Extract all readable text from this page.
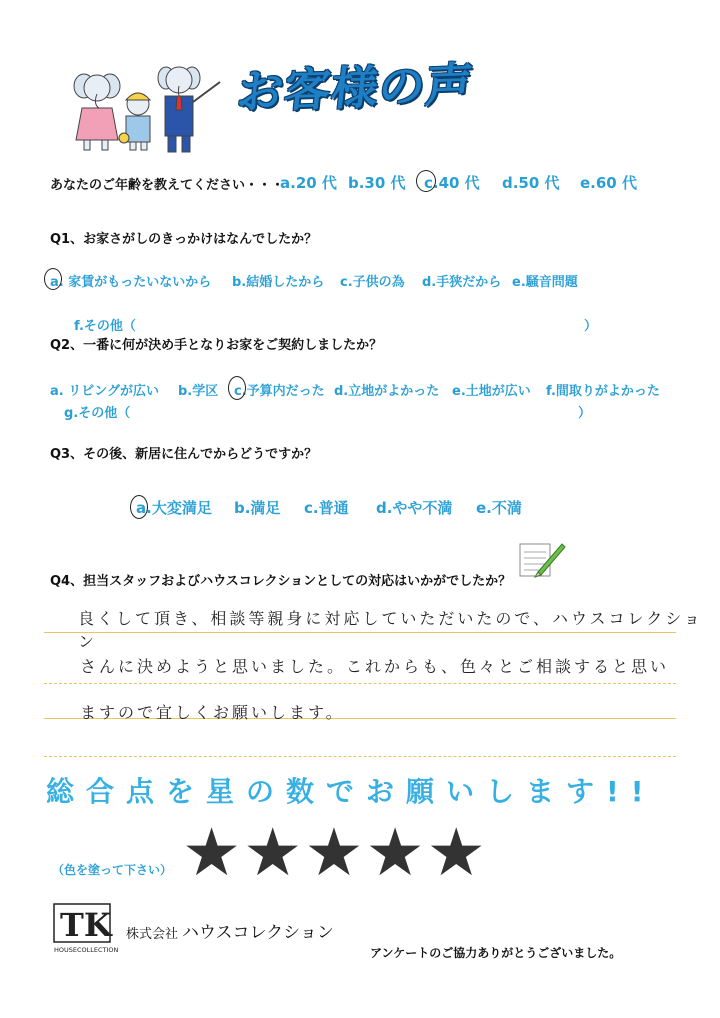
お客様の声
あなたのご年齢を教えてください・・・
a.20 代 b.30 代 c.40 代 d.50 代 e.60 代
Q1、お家さがしのきっかけはなんでしたか？
a. 家賃がもったいないから b.結婚したから c.子供の為 d.手狭だから e.騒音問題
f.その他（	）
Q2、一番に何が決め手となりお家をご契約しましたか？
a. リビングが広い b.学区 c.予算内だった d.立地がよかった e.土地が広い f.間取りがよかった
g.その他（	）
Q3、その後、新居に住んでからどうですか？
a.大変満足 b.満足 c.普通 d.やや不満 e.不満
Q4、担当スタッフおよびハウスコレクションとしての対応はいかがでしたか？
良くして頂き、相談等親身に対応していただいたので、ハウスコレクション
さんに決めようと思いました。これからも、色々とご相談すると思い
ますので宜しくお願いします。
総合点を星の数でお願いします!!
★★★★★
（色を塗って下さい）
TK
HOUSECOLLECTION
株式会社 ハウスコレクション
アンケートのご協力ありがとうございました。
